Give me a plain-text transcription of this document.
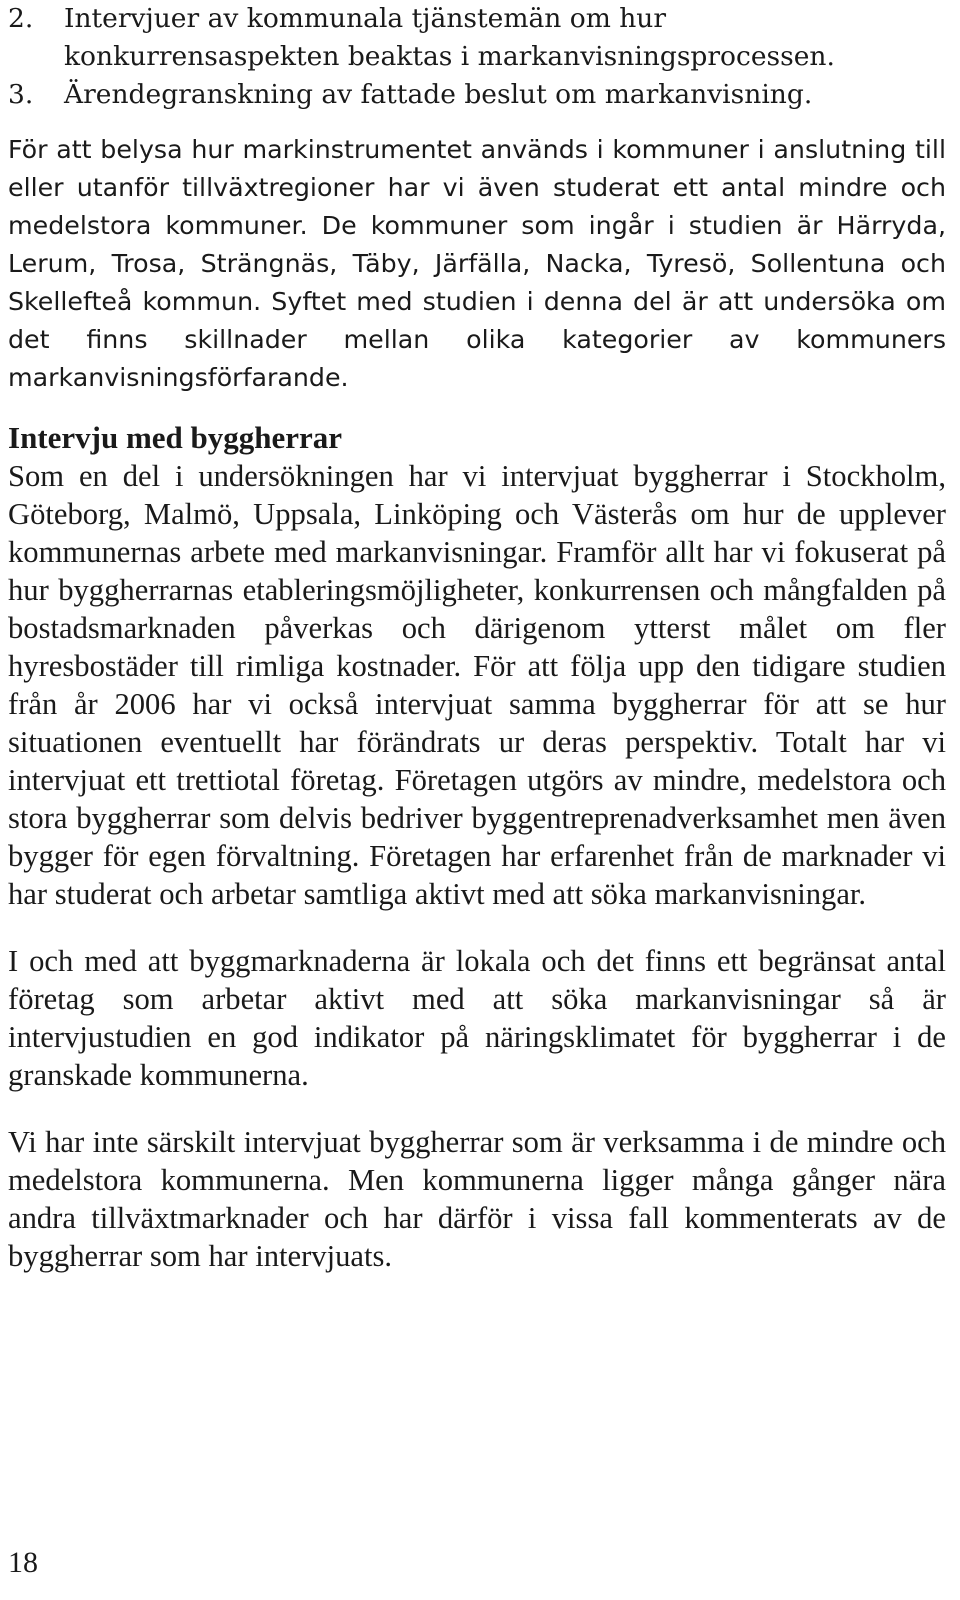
2.	Intervjuer av kommunala tjänstemän om hur konkurrensaspekten beaktas i markanvisningsprocessen.
3.	Ärendegranskning av fattade beslut om markanvisning.

För att belysa hur markinstrumentet används i kommuner i anslutning till eller utanför tillväxtregioner har vi även studerat ett antal mindre och medelstora kommuner. De kommuner som ingår i studien är Härryda, Lerum, Trosa, Strängnäs, Täby, Järfälla, Nacka, Tyresö, Sollentuna och Skellefteå kommun. Syftet med studien i denna del är att undersöka om det finns skillnader mellan olika kategorier av kommuners markanvisningsförfarande.

Intervju med byggherrar

Som en del i undersökningen har vi intervjuat byggherrar i Stockholm, Göteborg, Malmö, Uppsala, Linköping och Västerås om hur de upplever kommunernas arbete med markanvisningar. Framför allt har vi fokuserat på hur byggherrarnas etableringsmöjligheter, konkurrensen och mångfalden på bostadsmarknaden påverkas och därigenom ytterst målet om fler hyresbostäder till rimliga kostnader. För att följa upp den tidigare studien från år 2006 har vi också intervjuat samma byggherrar för att se hur situationen eventuellt har förändrats ur deras perspektiv. Totalt har vi intervjuat ett trettiotal företag. Företagen utgörs av mindre, medelstora och stora byggherrar som delvis bedriver byggentreprenadverksamhet men även bygger för egen förvaltning. Företagen har erfarenhet från de marknader vi har studerat och arbetar samtliga aktivt med att söka markanvisningar.

I och med att byggmarknaderna är lokala och det finns ett begränsat antal företag som arbetar aktivt med att söka markanvisningar så är intervjustudien en god indikator på näringsklimatet för byggherrar i de granskade kommunerna.

Vi har inte särskilt intervjuat byggherrar som är verksamma i de mindre och medelstora kommunerna. Men kommunerna ligger många gånger nära andra tillväxtmarknader och har därför i vissa fall kommenterats av de byggherrar som har intervjuats.

18
